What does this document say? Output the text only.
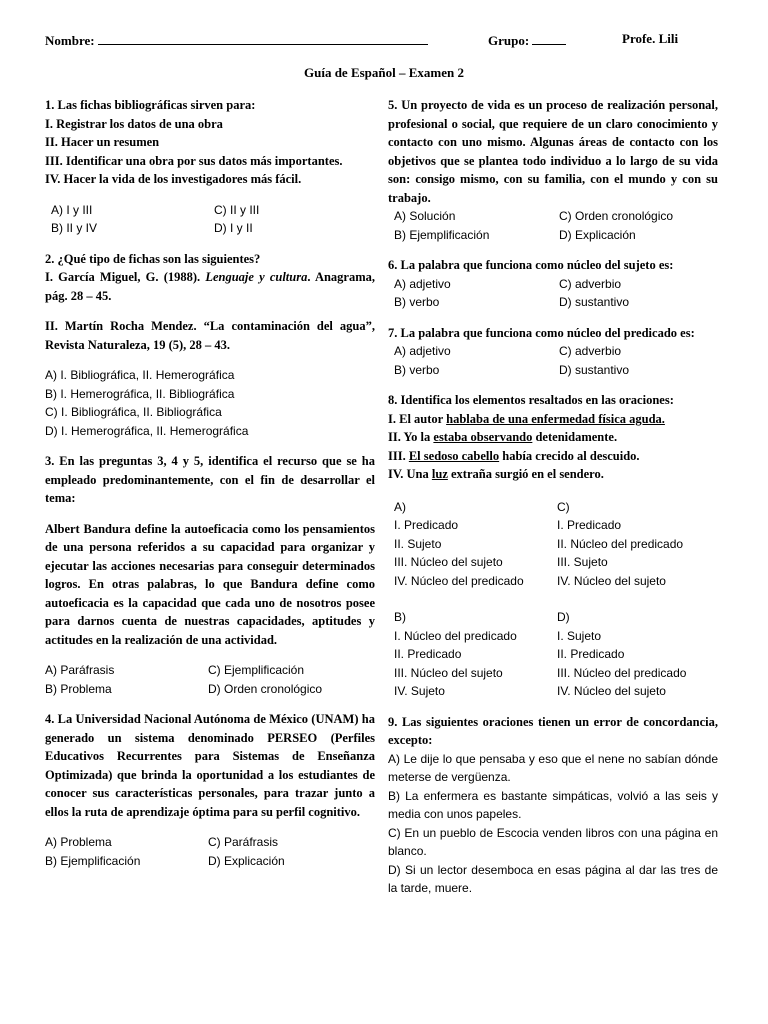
Nombre:	Grupo:	Profe. Lili
Guía de Español – Examen 2
1. Las fichas bibliográficas sirven para:
I. Registrar los datos de una obra
II. Hacer un resumen
III. Identificar una obra por sus datos más importantes.
IV. Hacer la vida de los investigadores más fácil.
A) I y III	C) II y III
B) II y IV	D) I y II
2. ¿Qué tipo de fichas son las siguientes?
I. García Miguel, G. (1988). Lenguaje y cultura. Anagrama, pág. 28 – 45.
II. Martín Rocha Mendez. “La contaminación del agua”, Revista Naturaleza, 19 (5), 28 – 43.
A) I. Bibliográfica, II. Hemerográfica
B) I. Hemerográfica, II. Bibliográfica
C) I. Bibliográfica, II. Bibliográfica
D) I. Hemerográfica, II. Hemerográfica
3. En las preguntas 3, 4 y 5, identifica el recurso que se ha empleado predominantemente, con el fin de desarrollar el tema:
Albert Bandura define la autoeficacia como los pensamientos de una persona referidos a su capacidad para organizar y ejecutar las acciones necesarias para conseguir determinados logros. En otras palabras, lo que Bandura define como autoeficacia es la capacidad que cada uno de nosotros posee para darnos cuenta de nuestras capacidades, aptitudes y actitudes en la realización de una actividad.
A) Paráfrasis	C) Ejemplificación
B) Problema	D) Orden cronológico
4. La Universidad Nacional Autónoma de México (UNAM) ha generado un sistema denominado PERSEO (Perfiles Educativos Recurrentes para Sistemas de Enseñanza Optimizada) que brinda la oportunidad a los estudiantes de conocer sus características personales, para trazar junto a ellos la ruta de aprendizaje óptima para su perfil cognitivo.
A) Problema	C) Paráfrasis
B) Ejemplificación	D) Explicación
5. Un proyecto de vida es un proceso de realización personal, profesional o social, que requiere de un claro conocimiento y contacto con uno mismo. Algunas áreas de contacto con los objetivos que se plantea todo individuo a lo largo de su vida son: consigo mismo, con su familia, con el mundo y con su trabajo.
A) Solución	C) Orden cronológico
B) Ejemplificación	D) Explicación
6. La palabra que funciona como núcleo del sujeto es:
A) adjetivo	C) adverbio
B) verbo	D) sustantivo
7. La palabra que funciona como núcleo del predicado es:
A) adjetivo	C) adverbio
B) verbo	D) sustantivo
8. Identifica los elementos resaltados en las oraciones:
I. El autor hablaba de una enfermedad física aguda.
II. Yo la estaba observando detenidamente.
III. El sedoso cabello había crecido al descuido.
IV. Una luz extraña surgió en el sendero.
A)
I. Predicado
II. Sujeto
III. Núcleo del sujeto
IV. Núcleo del predicado
C)
I. Predicado
II. Núcleo del predicado
III. Sujeto
IV. Núcleo del sujeto
B)
I. Núcleo del predicado
II. Predicado
III. Núcleo del sujeto
IV. Sujeto
D)
I. Sujeto
II. Predicado
III. Núcleo del predicado
IV. Núcleo del sujeto
9. Las siguientes oraciones tienen un error de concordancia, excepto:
A) Le dije lo que pensaba y eso que el nene no sabían dónde meterse de vergüenza.
B) La enfermera es bastante simpáticas, volvió a las seis y media con unos papeles.
C) En un pueblo de Escocia venden libros con una página en blanco.
D) Si un lector desemboca en esas página al dar las tres de la tarde, muere.
